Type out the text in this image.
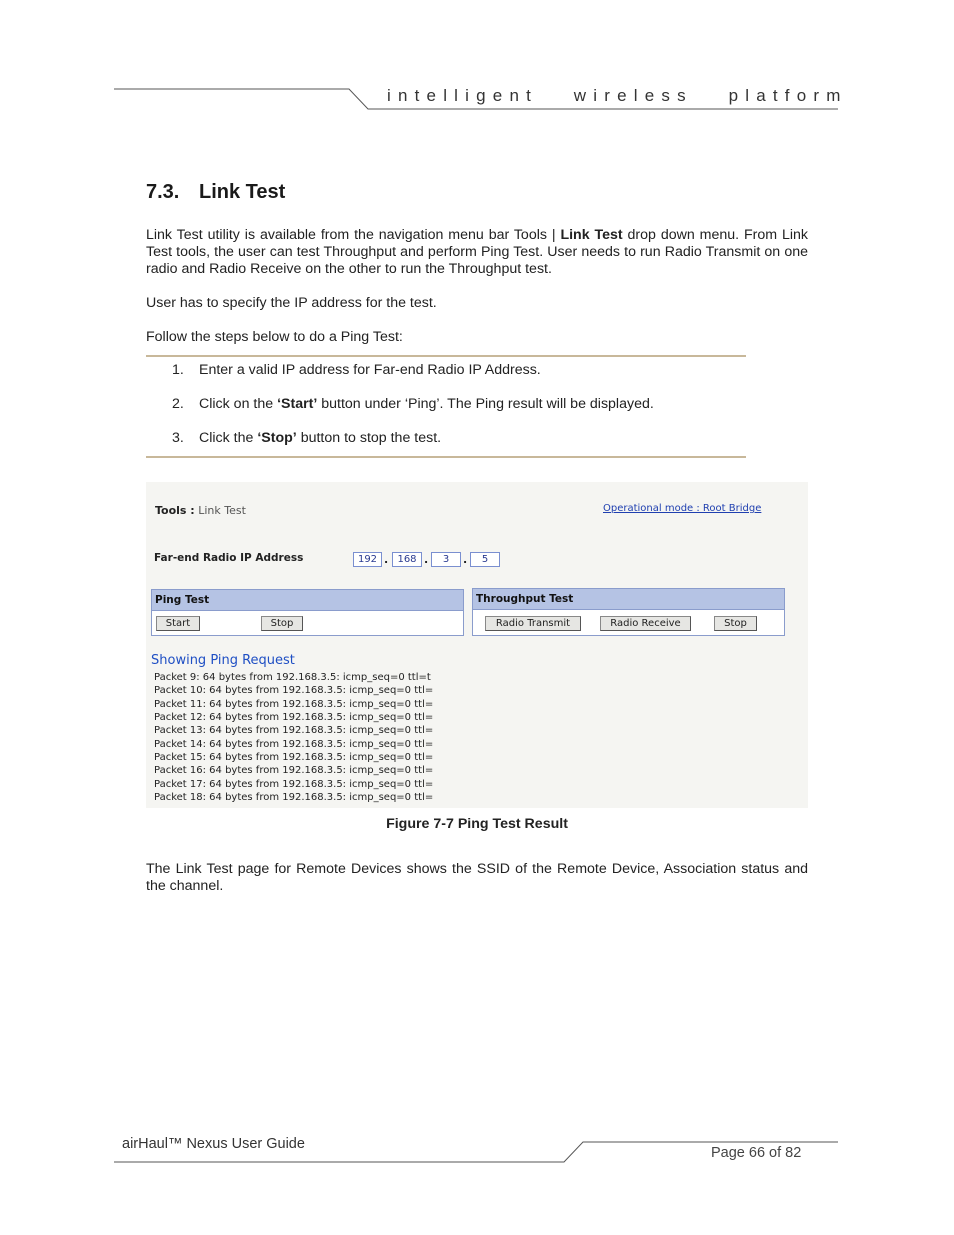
intelligent   wireless   platform
7.3. Link Test
Link Test utility is available from the navigation menu bar Tools | Link Test drop down menu. From Link Test tools, the user can test Throughput and perform Ping Test. User needs to run Radio Transmit on one radio and Radio Receive on the other to run the Throughput test.
User has to specify the IP address for the test.
Follow the steps below to do a Ping Test:
1. Enter a valid IP address for Far-end Radio IP Address.
2. Click on the ‘Start’ button under ‘Ping’. The Ping result will be displayed.
3. Click the ‘Stop’ button to stop the test.
Tools : Link Test	Operational mode : Root Bridge
Far-end Radio IP Address	192 . 168 .	3	.	5
Ping Test
Start	Stop
Throughput Test
Radio Transmit	Radio Receive	Stop
Showing Ping Request
Packet 9: 64 bytes from 192.168.3.5: icmp_seq=0 ttl=t
Packet 10: 64 bytes from 192.168.3.5: icmp_seq=0 ttl=
Packet 11: 64 bytes from 192.168.3.5: icmp_seq=0 ttl=
Packet 12: 64 bytes from 192.168.3.5: icmp_seq=0 ttl=
Packet 13: 64 bytes from 192.168.3.5: icmp_seq=0 ttl=
Packet 14: 64 bytes from 192.168.3.5: icmp_seq=0 ttl=
Packet 15: 64 bytes from 192.168.3.5: icmp_seq=0 ttl=
Packet 16: 64 bytes from 192.168.3.5: icmp_seq=0 ttl=
Packet 17: 64 bytes from 192.168.3.5: icmp_seq=0 ttl=
Packet 18: 64 bytes from 192.168.3.5: icmp_seq=0 ttl=
Figure 7-7 Ping Test Result
The Link Test page for Remote Devices shows the SSID of the Remote Device, Association status and the channel.
airHaul™ Nexus User Guide
Page 66 of 82
